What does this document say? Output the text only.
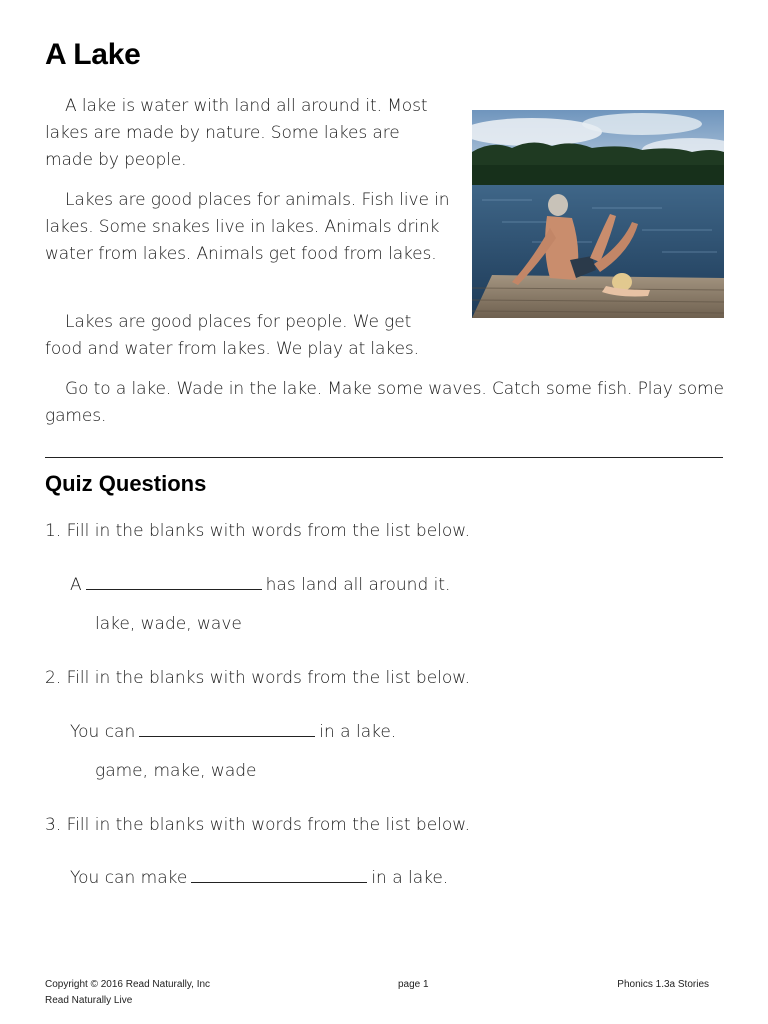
A Lake

A lake is water with land all around it. Most lakes are made by nature. Some lakes are made by people.

Lakes are good places for animals. Fish live in lakes. Some snakes live in lakes. Animals drink water from lakes. Animals get food from lakes.

Lakes are good places for people. We get food and water from lakes. We play at lakes.

Go to a lake. Wade in the lake. Make some waves. Catch some fish. Play some games.

Quiz Questions

1. Fill in the blanks with words from the list below.

A	has land all around it.

lake, wade, wave

2. Fill in the blanks with words from the list below.

You can	in a lake.

game, make, wade

3. Fill in the blanks with words from the list below.

You can make	in a lake.

Copyright © 2016 Read Naturally, Inc

Read Naturally Live

page 1	Phonics 1.3a Stories
